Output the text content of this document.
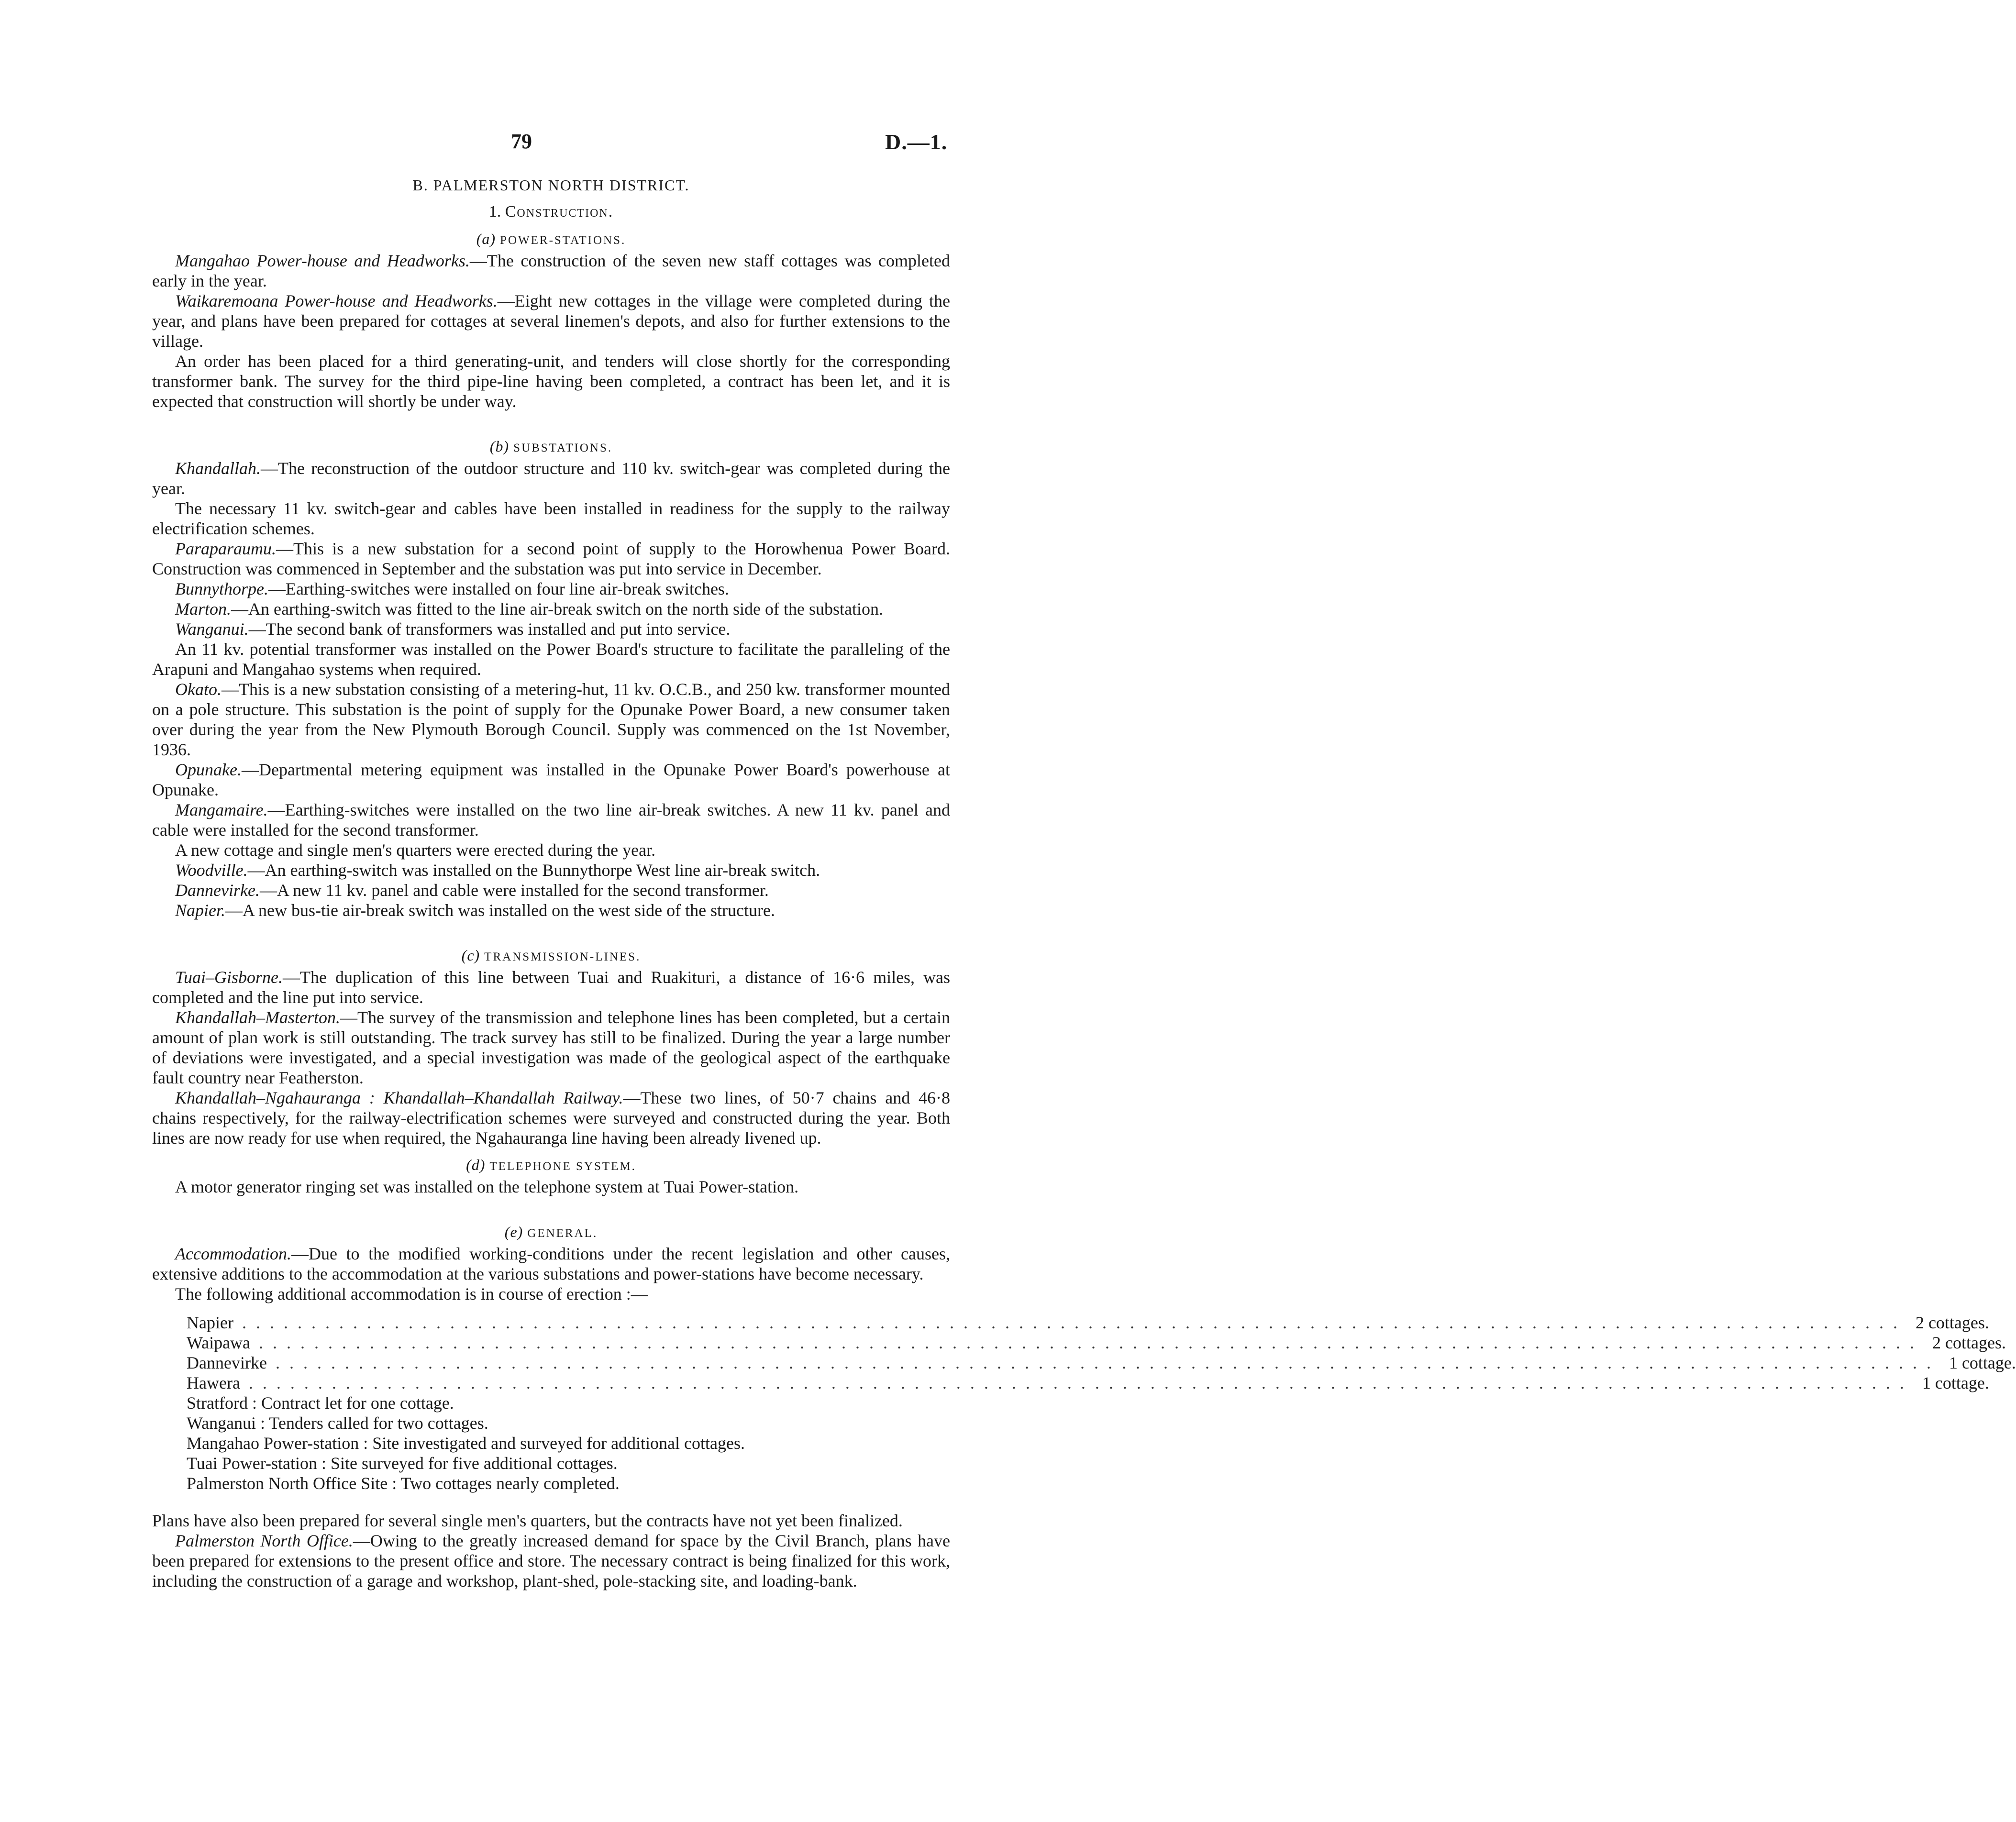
79	D.—1.
B. PALMERSTON NORTH DISTRICT.
1. Construction.
(a) POWER-STATIONS.

Mangahao Power-house and Headworks.—The construction of the seven new staff cottages was completed early in the year.

Waikaremoana Power-house and Headworks.—Eight new cottages in the village were completed during the year, and plans have been prepared for cottages at several linemen's depots, and also for further extensions to the village.

An order has been placed for a third generating-unit, and tenders will close shortly for the corresponding transformer bank. The survey for the third pipe-line having been completed, a contract has been let, and it is expected that construction will shortly be under way.

(b) SUBSTATIONS.

Khandallah.—The reconstruction of the outdoor structure and 110 kv. switch-gear was completed during the year.

The necessary 11 kv. switch-gear and cables have been installed in readiness for the supply to the railway electrification schemes.

Paraparaumu.—This is a new substation for a second point of supply to the Horowhenua Power Board. Construction was commenced in September and the substation was put into service in December.

Bunnythorpe.—Earthing-switches were installed on four line air-break switches.

Marton.—An earthing-switch was fitted to the line air-break switch on the north side of the substation.

Wanganui.—The second bank of transformers was installed and put into service.

An 11 kv. potential transformer was installed on the Power Board's structure to facilitate the paralleling of the Arapuni and Mangahao systems when required.

Okato.—This is a new substation consisting of a metering-hut, 11 kv. O.C.B., and 250 kw. transformer mounted on a pole structure. This substation is the point of supply for the Opunake Power Board, a new consumer taken over during the year from the New Plymouth Borough Council. Supply was commenced on the 1st November, 1936.

Opunake.—Departmental metering equipment was installed in the Opunake Power Board's powerhouse at Opunake.

Mangamaire.—Earthing-switches were installed on the two line air-break switches. A new 11 kv. panel and cable were installed for the second transformer.

A new cottage and single men's quarters were erected during the year.

Woodville.—An earthing-switch was installed on the Bunnythorpe West line air-break switch.

Dannevirke.—A new 11 kv. panel and cable were installed for the second transformer.

Napier.—A new bus-tie air-break switch was installed on the west side of the structure.

(c) TRANSMISSION-LINES.

Tuai–Gisborne.—The duplication of this line between Tuai and Ruakituri, a distance of 16·6 miles, was completed and the line put into service.

Khandallah–Masterton.—The survey of the transmission and telephone lines has been completed, but a certain amount of plan work is still outstanding. The track survey has still to be finalized. During the year a large number of deviations were investigated, and a special investigation was made of the geological aspect of the earthquake fault country near Featherston.

Khandallah–Ngahauranga : Khandallah–Khandallah Railway.—These two lines, of 50·7 chains and 46·8 chains respectively, for the railway-electrification schemes were surveyed and constructed during the year. Both lines are now ready for use when required, the Ngahauranga line having been already livened up.

(d) TELEPHONE SYSTEM.

A motor generator ringing set was installed on the telephone system at Tuai Power-station.

(e) GENERAL.

Accommodation.—Due to the modified working-conditions under the recent legislation and other causes, extensive additions to the accommodation at the various substations and power-stations have become necessary.

The following additional accommodation is in course of erection :—

Napier ........................................................................................................................ 2 cottages.
Waipawa ........................................................................................................................ 2 cottages.
Dannevirke ........................................................................................................................ 1 cottage.
Hawera ........................................................................................................................ 1 cottage.
Stratford : Contract let for one cottage.
Wanganui : Tenders called for two cottages.
Mangahao Power-station : Site investigated and surveyed for additional cottages.
Tuai Power-station : Site surveyed for five additional cottages.
Palmerston North Office Site : Two cottages nearly completed.

Plans have also been prepared for several single men's quarters, but the contracts have not yet been finalized.

Palmerston North Office.—Owing to the greatly increased demand for space by the Civil Branch, plans have been prepared for extensions to the present office and store. The necessary contract is being finalized for this work, including the construction of a garage and workshop, plant-shed, pole-stacking site, and loading-bank.
